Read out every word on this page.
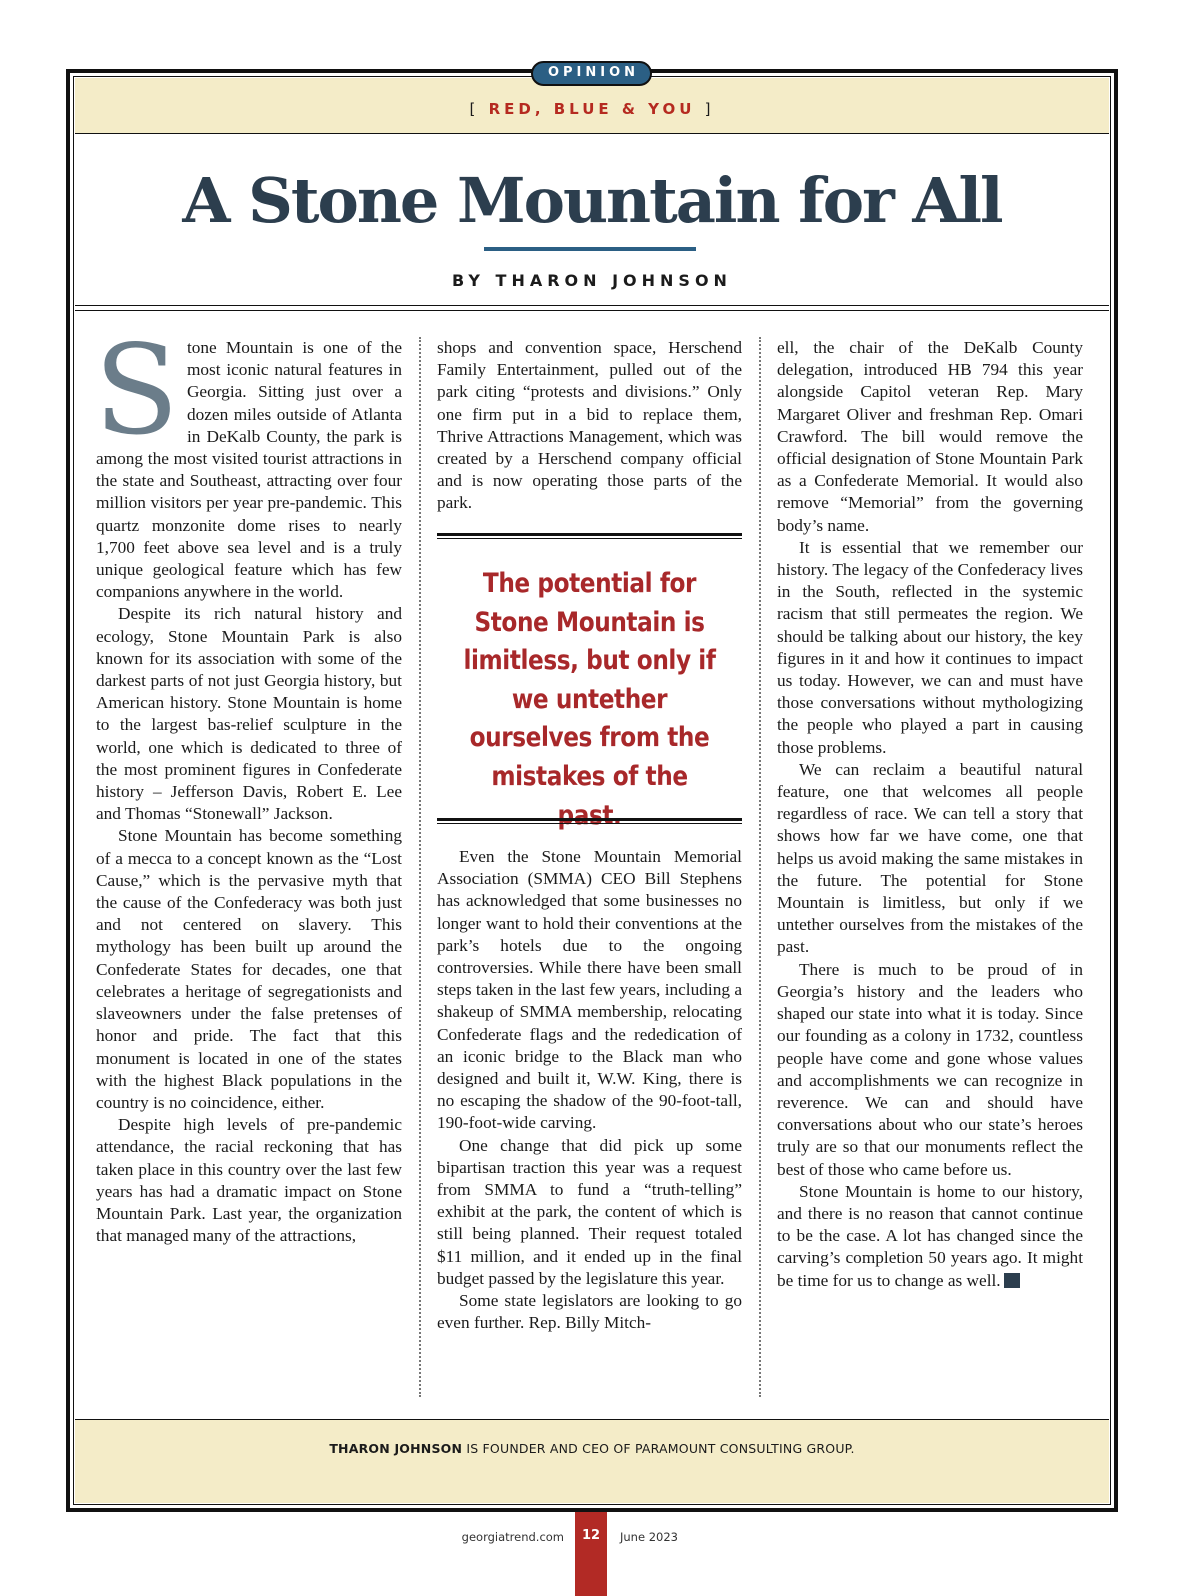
[ RED, BLUE & YOU ]
OPINION
A Stone Mountain for All
BY THARON JOHNSON
S tone Mountain is one of the most iconic natural features in Georgia. Sitting just over a dozen miles outside of Atlanta in DeKalb County, the park is among the most visited tourist attractions in the state and Southeast, attracting over four million visitors per year pre-pandemic. This quartz monzonite dome rises to nearly 1,700 feet above sea level and is a truly unique geological feature which has few companions anywhere in the world.

Despite its rich natural history and ecology, Stone Mountain Park is also known for its association with some of the darkest parts of not just Georgia history, but American history. Stone Mountain is home to the largest bas-relief sculpture in the world, one which is dedicated to three of the most prominent figures in Confederate history – Jefferson Davis, Robert E. Lee and Thomas “Stonewall” Jackson.

Stone Mountain has become something of a mecca to a concept known as the “Lost Cause,” which is the pervasive myth that the cause of the Confederacy was both just and not centered on slavery. This mythology has been built up around the Confederate States for decades, one that celebrates a heritage of segregationists and slaveowners under the false pretenses of honor and pride. The fact that this monument is located in one of the states with the highest Black populations in the country is no coincidence, either.

Despite high levels of pre-pandemic attendance, the racial reckoning that has taken place in this country over the last few years has had a dramatic impact on Stone Mountain Park. Last year, the organization that managed many of the attractions,

shops and convention space, Herschend Family Entertainment, pulled out of the park citing “protests and divisions.” Only one firm put in a bid to replace them, Thrive Attractions Management, which was created by a Herschend company official and is now operating those parts of the park.

The potential for Stone Mountain is limitless, but only if we untether ourselves from the mistakes of the past.

Even the Stone Mountain Memorial Association (SMMA) CEO Bill Stephens has acknowledged that some businesses no longer want to hold their conventions at the park’s hotels due to the ongoing controversies. While there have been small steps taken in the last few years, including a shakeup of SMMA membership, relocating Confederate flags and the rededication of an iconic bridge to the Black man who designed and built it, W.W. King, there is no escaping the shadow of the 90-foot-tall, 190-foot-wide carving.

One change that did pick up some bipartisan traction this year was a request from SMMA to fund a “truth-telling” exhibit at the park, the content of which is still being planned. Their request totaled $11 million, and it ended up in the final budget passed by the legislature this year.

Some state legislators are looking to go even further. Rep. Billy Mitch-

ell, the chair of the DeKalb County delegation, introduced HB 794 this year alongside Capitol veteran Rep. Mary Margaret Oliver and freshman Rep. Omari Crawford. The bill would remove the official designation of Stone Mountain Park as a Confederate Memorial. It would also remove “Memorial” from the governing body’s name.

It is essential that we remember our history. The legacy of the Confederacy lives in the South, reflected in the systemic racism that still permeates the region. We should be talking about our history, the key figures in it and how it continues to impact us today. However, we can and must have those conversations without mythologizing the people who played a part in causing those problems.

We can reclaim a beautiful natural feature, one that welcomes all people regardless of race. We can tell a story that shows how far we have come, one that helps us avoid making the same mistakes in the future. The potential for Stone Mountain is limitless, but only if we untether ourselves from the mistakes of the past.

There is much to be proud of in Georgia’s history and the leaders who shaped our state into what it is today. Since our founding as a colony in 1732, countless people have come and gone whose values and accomplishments we can recognize in reverence. We can and should have conversations about who our state’s heroes truly are so that our monuments reflect the best of those who came before us.

Stone Mountain is home to our history, and there is no reason that cannot continue to be the case. A lot has changed since the carving’s completion 50 years ago. It might be time for us to change as well.

THARON JOHNSON IS FOUNDER AND CEO OF PARAMOUNT CONSULTING GROUP.
georgiatrend.com	12	June 2023
